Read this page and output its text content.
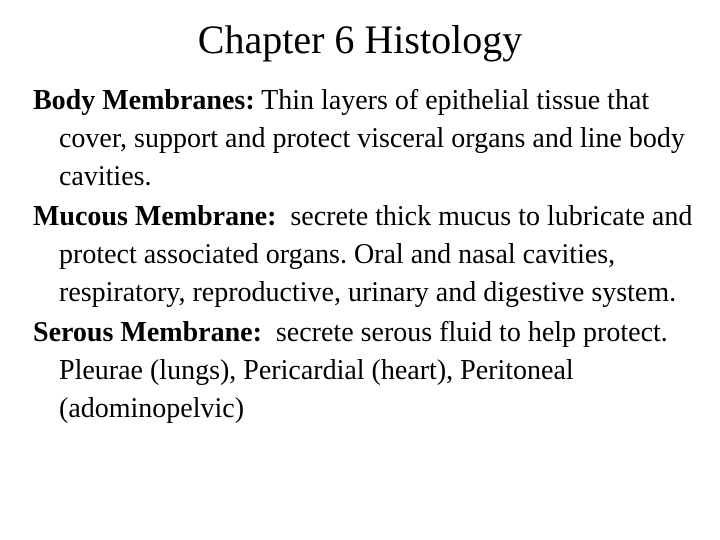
Chapter 6 Histology

Body Membranes: Thin layers of epithelial tissue that cover, support and protect visceral organs and line body cavities.

Mucous Membrane:  secrete thick mucus to lubricate and protect associated organs. Oral and nasal cavities, respiratory, reproductive, urinary and digestive system.

Serous Membrane:  secrete serous fluid to help protect.  Pleurae (lungs), Pericardial (heart), Peritoneal (adominopelvic)
